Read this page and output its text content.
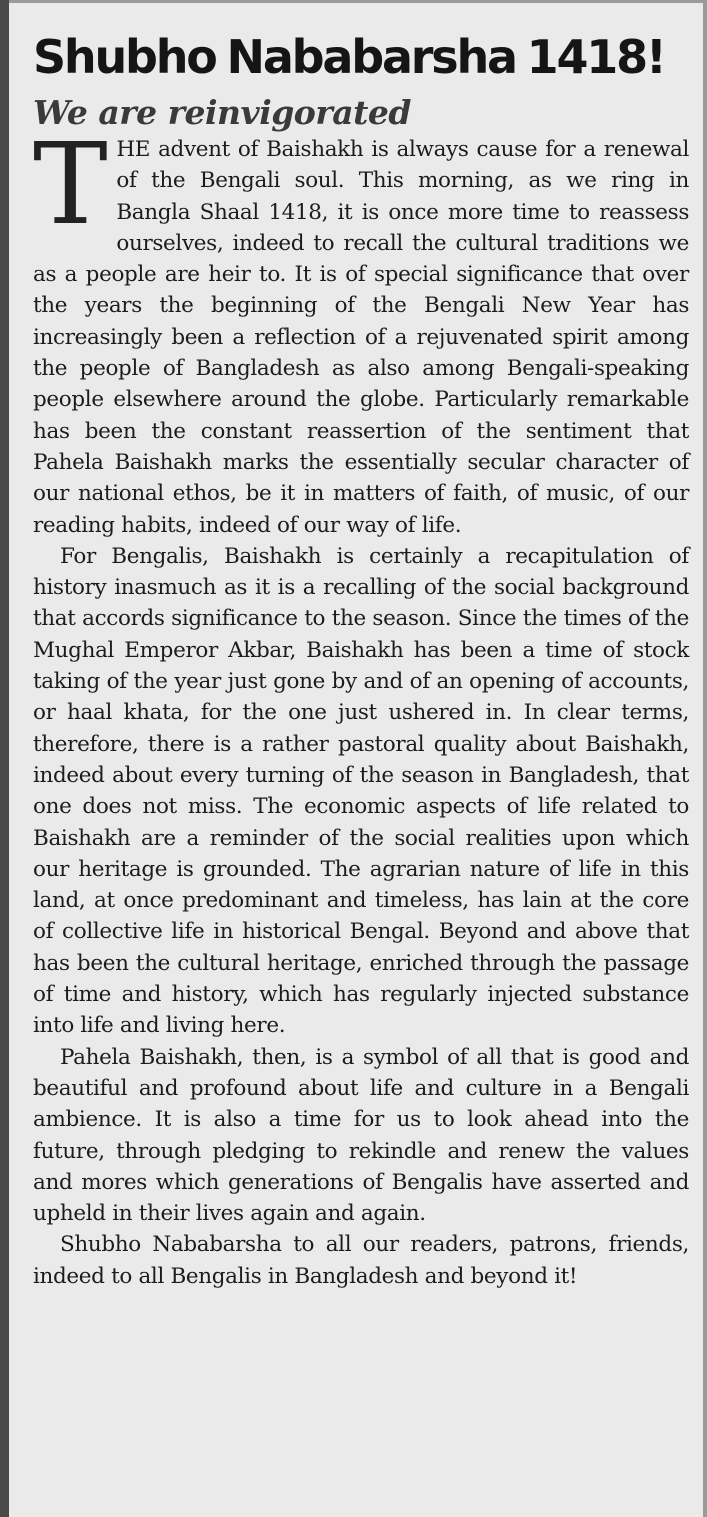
Shubho Nababarsha 1418!
We are reinvigorated

THE advent of Baishakh is always cause for a renewal of the Bengali soul. This morning, as we ring in Bangla Shaal 1418, it is once more time to reassess ourselves, indeed to recall the cultural traditions we as a people are heir to. It is of special significance that over the years the beginning of the Bengali New Year has increasingly been a reflection of a rejuvenated spirit among the people of Bangladesh as also among Bengali-speaking people elsewhere around the globe. Particularly remarkable has been the constant reassertion of the sentiment that Pahela Baishakh marks the essentially secular character of our national ethos, be it in matters of faith, of music, of our reading habits, indeed of our way of life.

For Bengalis, Baishakh is certainly a recapitulation of history inasmuch as it is a recalling of the social background that accords significance to the season. Since the times of the Mughal Emperor Akbar, Baishakh has been a time of stock taking of the year just gone by and of an opening of accounts, or haal khata, for the one just ushered in. In clear terms, therefore, there is a rather pastoral quality about Baishakh, indeed about every turning of the season in Bangladesh, that one does not miss. The economic aspects of life related to Baishakh are a reminder of the social realities upon which our heritage is grounded. The agrarian nature of life in this land, at once predominant and timeless, has lain at the core of collective life in historical Bengal. Beyond and above that has been the cultural heritage, enriched through the passage of time and history, which has regularly injected substance into life and living here.

Pahela Baishakh, then, is a symbol of all that is good and beautiful and profound about life and culture in a Bengali ambience. It is also a time for us to look ahead into the future, through pledging to rekindle and renew the values and mores which generations of Bengalis have asserted and upheld in their lives again and again.

Shubho Nababarsha to all our readers, patrons, friends, indeed to all Bengalis in Bangladesh and beyond it!
